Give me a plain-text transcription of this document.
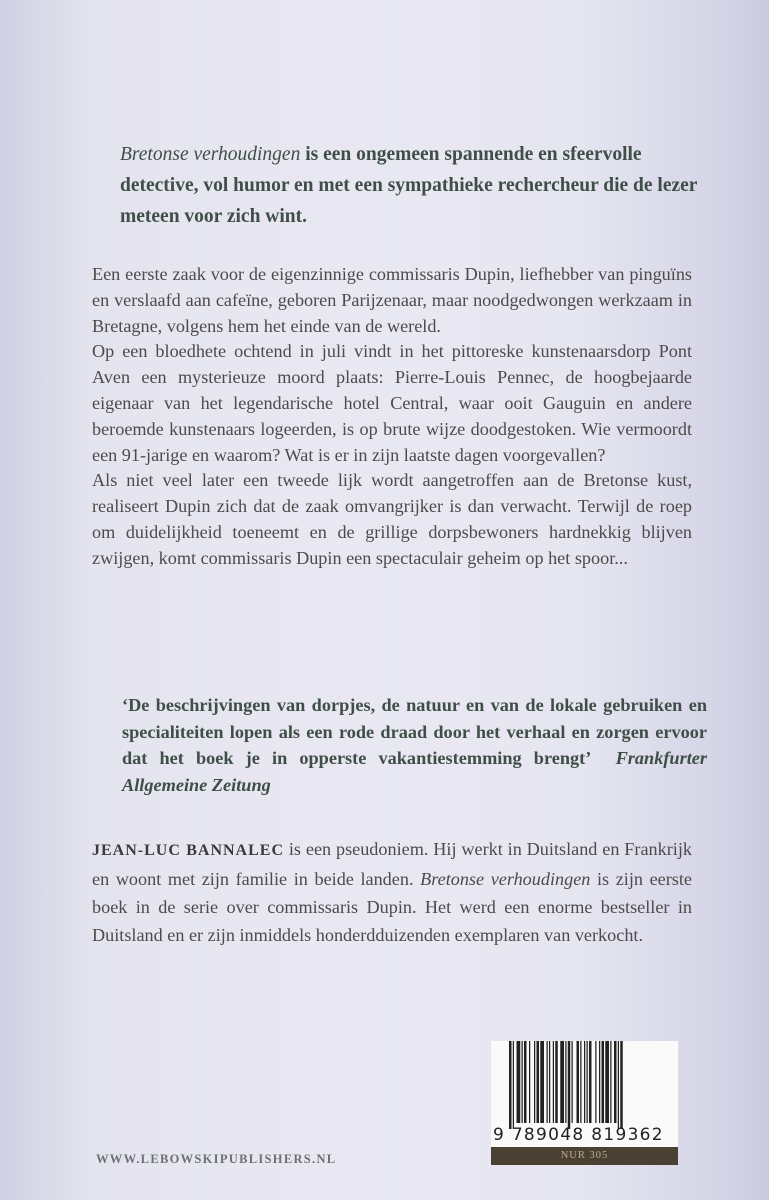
Bretonse verhoudingen is een ongemeen spannende en sfeervolle detective, vol humor en met een sympathieke rechercheur die de lezer meteen voor zich wint.

Een eerste zaak voor de eigenzinnige commissaris Dupin, liefhebber van pinguïns en verslaafd aan cafeïne, geboren Parijzenaar, maar noodgedwongen werkzaam in Bretagne, volgens hem het einde van de wereld.

Op een bloedhete ochtend in juli vindt in het pittoreske kunstenaarsdorp Pont Aven een mysterieuze moord plaats: Pierre-Louis Pennec, de hoogbejaarde eigenaar van het legendarische hotel Central, waar ooit Gauguin en andere beroemde kunstenaars logeerden, is op brute wijze doodgestoken. Wie vermoordt een 91-jarige en waarom? Wat is er in zijn laatste dagen voorgevallen?

Als niet veel later een tweede lijk wordt aangetroffen aan de Bretonse kust, realiseert Dupin zich dat de zaak omvangrijker is dan verwacht. Terwijl de roep om duidelijkheid toeneemt en de grillige dorpsbewoners hardnekkig blijven zwijgen, komt commissaris Dupin een spectaculair geheim op het spoor...

‘De beschrijvingen van dorpjes, de natuur en van de lokale gebruiken en specialiteiten lopen als een rode draad door het verhaal en zorgen ervoor dat het boek je in opperste vakantiestemming brengt’ Frankfurter Allgemeine Zeitung

JEAN-LUC BANNALEC is een pseudoniem. Hij werkt in Duitsland en Frankrijk en woont met zijn familie in beide landen. Bretonse verhoudingen is zijn eerste boek in de serie over commissaris Dupin. Het werd een enorme bestseller in Duitsland en er zijn inmiddels honderdduizenden exemplaren van verkocht.

WWW.LEBOWSKIPUBLISHERS.NL
9 789048 819362
NUR 305
